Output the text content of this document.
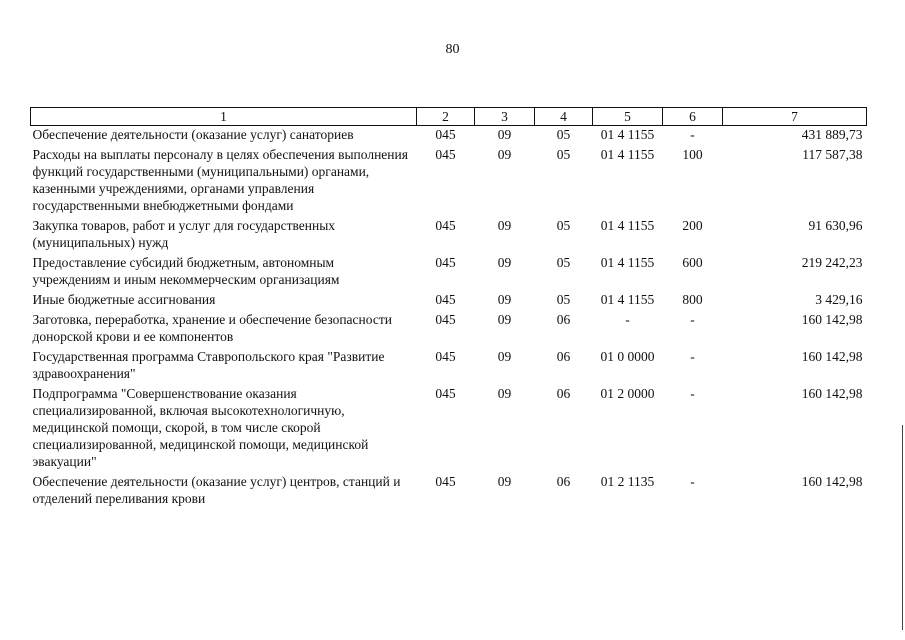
80
1	2	3	4	5	6	7
Обеспечение деятельности (оказание услуг) санаториев	045	09	05	01 4 1155	-	431 889,73
Расходы на выплаты персоналу в целях обеспечения выполнения функций государственными (муниципальными) органами, казенными учреждениями, органами управления государственными внебюджетными фондами	045	09	05	01 4 1155	100	117 587,38
Закупка товаров, работ и услуг для государственных (муниципальных) нужд	045	09	05	01 4 1155	200	91 630,96
Предоставление субсидий бюджетным, автономным учреждениям и иным некоммерческим организациям	045	09	05	01 4 1155	600	219 242,23
Иные бюджетные ассигнования	045	09	05	01 4 1155	800	3 429,16
Заготовка, переработка, хранение и обеспечение безопасности донорской крови и ее компонентов	045	09	06	-	-	160 142,98
Государственная программа Ставропольского края "Развитие здравоохранения"	045	09	06	01 0 0000	-	160 142,98
Подпрограмма "Совершенствование оказания специализированной, включая высокотехнологичную, медицинской помощи, скорой, в том числе скорой специализированной, медицинской помощи, медицинской эвакуации"	045	09	06	01 2 0000	-	160 142,98
Обеспечение деятельности (оказание услуг) центров, станций и отделений переливания крови	045	09	06	01 2 1135	-	160 142,98
